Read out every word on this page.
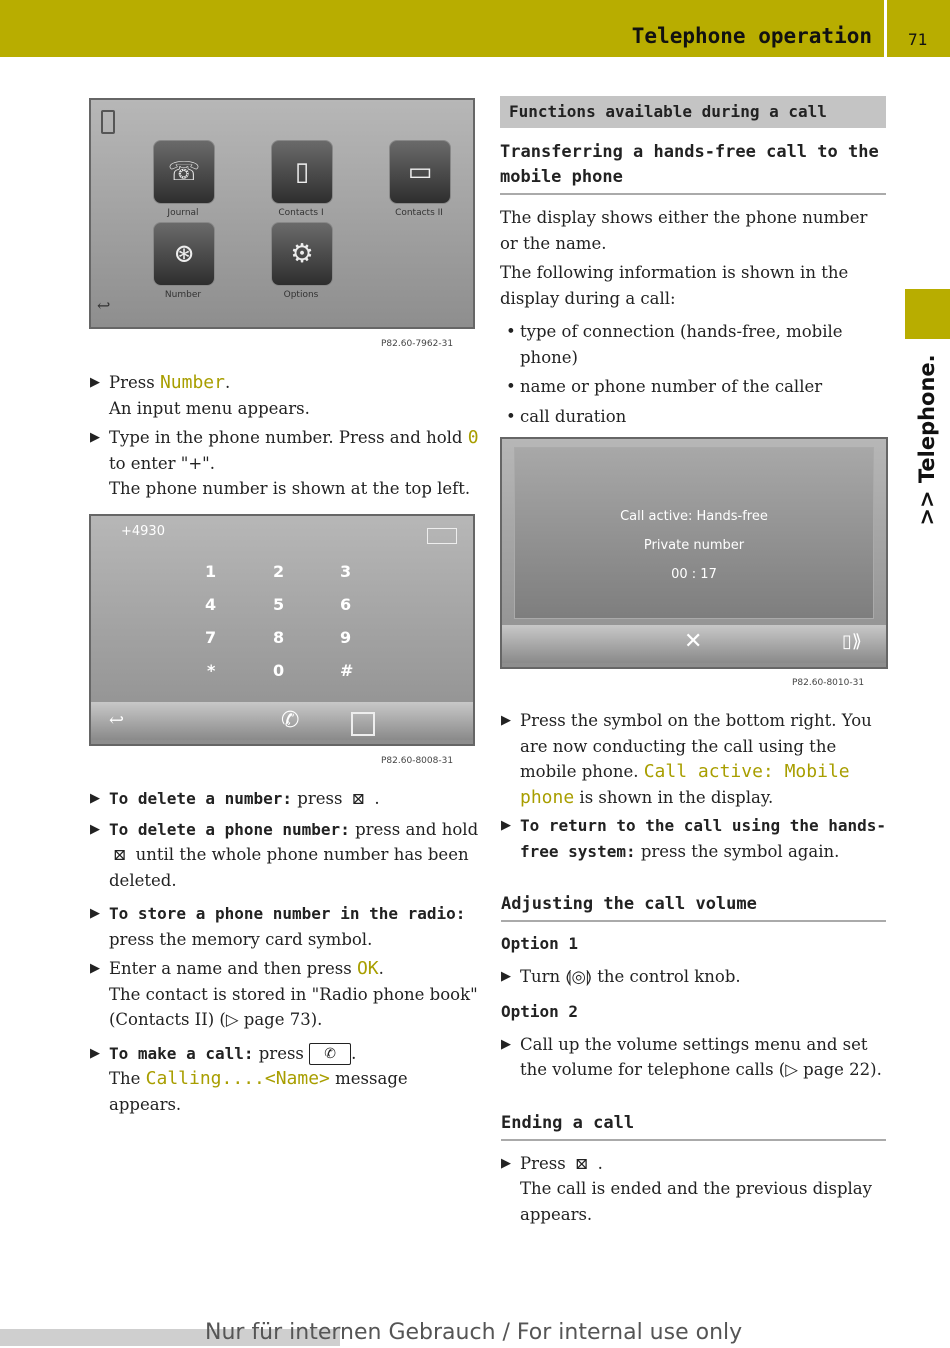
Telephone operation 71
>> Telephone.
↩
☏
Journal
▯
Contacts I
▭
Contacts II
⊛
Number
⚙
Options
P82.60-7962-31
▶ Press Number.
An input menu appears.
▶ Type in the phone number. Press and hold 0 to enter "+".
The phone number is shown at the top left.
+4930
1	2	3
4	5	6
7	8	9
*	0	#
↩	✆
P82.60-8008-31
▶ To delete a number: press ⊠ .
▶ To delete a phone number: press and hold ⊠ until the whole phone number has been deleted.
▶ To store a phone number in the radio: press the memory card symbol.
▶ Enter a name and then press OK.
The contact is stored in "Radio phone book" (Contacts II) (▷ page 73).
▶ To make a call: press ✆ .
The Calling....<Name> message appears.
Functions available during a call
Transferring a hands-free call to the mobile phone
The display shows either the phone number or the name.
The following information is shown in the display during a call:
• type of connection (hands-free, mobile phone)
• name or phone number of the caller
• call duration
Call active: Hands-free
Private number
00 : 17
✕	▯⟫
P82.60-8010-31
▶ Press the symbol on the bottom right. You are now conducting the call using the mobile phone. Call active: Mobile phone is shown in the display.
▶ To return to the call using the hands-free system: press the symbol again.
Adjusting the call volume
Option 1
▶ Turn ⟬◎⟭ the control knob.
Option 2
▶ Call up the volume settings menu and set the volume for telephone calls (▷ page 22).
Ending a call
▶ Press ⊠ .
The call is ended and the previous display appears.
Nur für internen Gebrauch / For internal use only
